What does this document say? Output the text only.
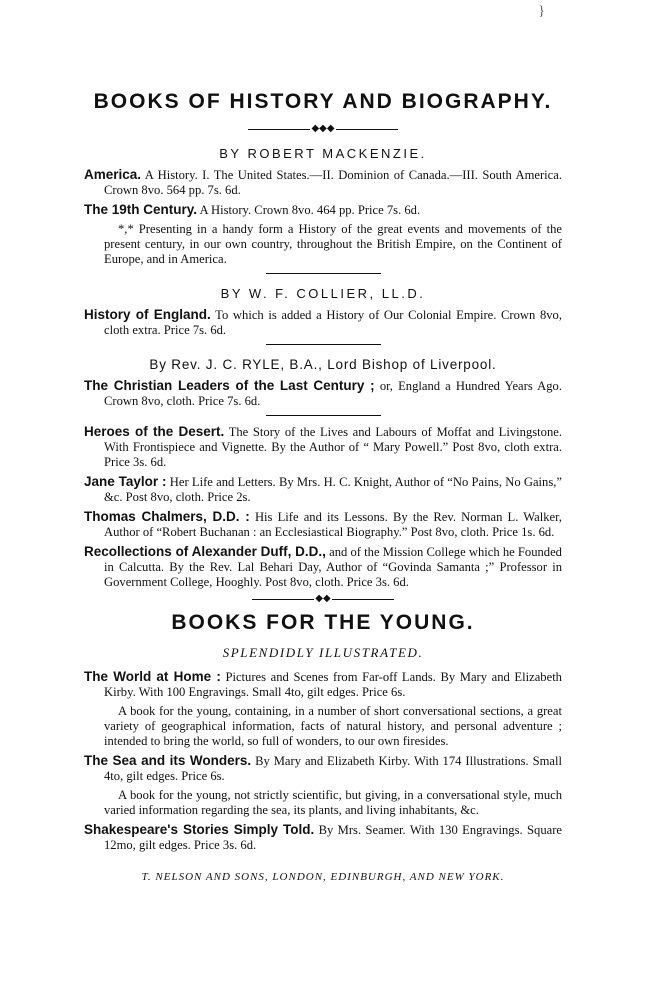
}
BOOKS OF HISTORY AND BIOGRAPHY.
◆◆◆
BY ROBERT MACKENZIE.

America. A History. I. The United States.—II. Dominion of Canada.—III. South America. Crown 8vo. 564 pp. 7s. 6d.

The 19th Century. A History. Crown 8vo. 464 pp. Price 7s. 6d.

*,* Presenting in a handy form a History of the great events and movements of the present century, in our own country, throughout the British Empire, on the Continent of Europe, and in America.

BY W. F. COLLIER, LL.D.

History of England. To which is added a History of Our Colonial Empire. Crown 8vo, cloth extra. Price 7s. 6d.

By Rev. J. C. RYLE, B.A., Lord Bishop of Liverpool.

The Christian Leaders of the Last Century ; or, England a Hundred Years Ago. Crown 8vo, cloth. Price 7s. 6d.

Heroes of the Desert. The Story of the Lives and Labours of Moffat and Livingstone. With Frontispiece and Vignette. By the Author of “ Mary Powell.” Post 8vo, cloth extra. Price 3s. 6d.

Jane Taylor : Her Life and Letters. By Mrs. H. C. Knight, Author of “No Pains, No Gains,” &c. Post 8vo, cloth. Price 2s.

Thomas Chalmers, D.D. : His Life and its Lessons. By the Rev. Norman L. Walker, Author of “Robert Buchanan : an Ecclesiastical Biography.” Post 8vo, cloth. Price 1s. 6d.

Recollections of Alexander Duff, D.D., and of the Mission College which he Founded in Calcutta. By the Rev. Lal Behari Day, Author of “Govinda Samanta ;” Professor in Government College, Hooghly. Post 8vo, cloth. Price 3s. 6d.

◆◆
BOOKS FOR THE YOUNG.
SPLENDIDLY ILLUSTRATED.

The World at Home : Pictures and Scenes from Far-off Lands. By Mary and Elizabeth Kirby. With 100 Engravings. Small 4to, gilt edges. Price 6s.

A book for the young, containing, in a number of short conversational sections, a great variety of geographical information, facts of natural history, and personal adventure ; intended to bring the world, so full of wonders, to our own firesides.

The Sea and its Wonders. By Mary and Elizabeth Kirby. With 174 Illustrations. Small 4to, gilt edges. Price 6s.

A book for the young, not strictly scientific, but giving, in a conversational style, much varied information regarding the sea, its plants, and living inhabitants, &c.

Shakespeare's Stories Simply Told. By Mrs. Seamer. With 130 Engravings. Square 12mo, gilt edges. Price 3s. 6d.

T. NELSON AND SONS, LONDON, EDINBURGH, AND NEW YORK.
